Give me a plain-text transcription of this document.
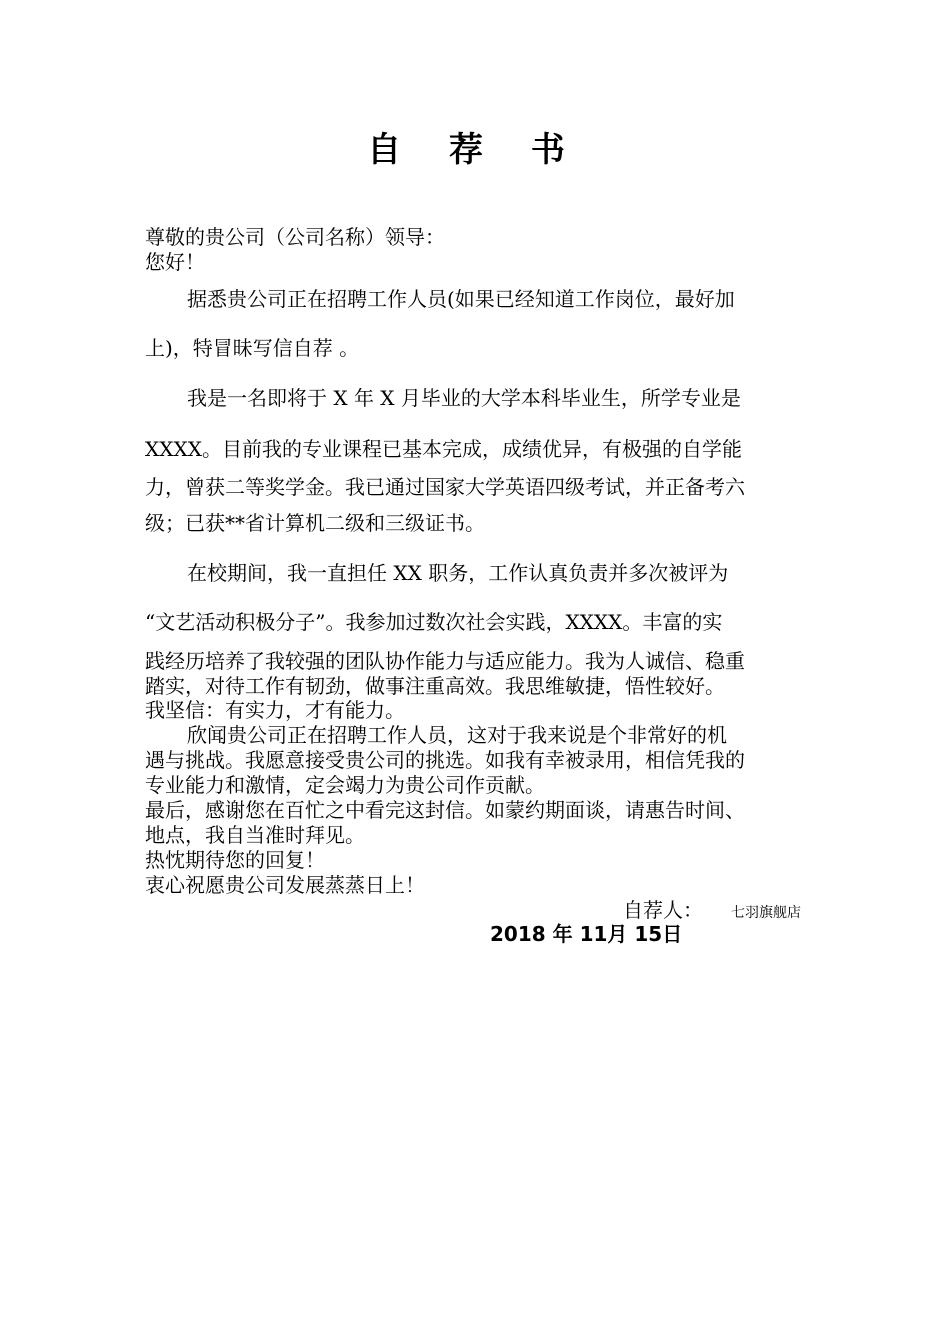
自 荐 书
尊敬的贵公司（公司名称）领导：
您好！
据悉贵公司正在招聘工作人员(如果已经知道工作岗位，最好加
上)，特冒昧写信自荐 。
我是一名即将于 X 年 X 月毕业的大学本科毕业生，所学专业是
XXXX。目前我的专业课程已基本完成，成绩优异，有极强的自学能
力，曾获二等奖学金。我已通过国家大学英语四级考试，并正备考六
级；已获**省计算机二级和三级证书。
在校期间，我一直担任 XX 职务，工作认真负责并多次被评为
“文艺活动积极分子”。我参加过数次社会实践，XXXX。丰富的实
践经历培养了我较强的团队协作能力与适应能力。我为人诚信、稳重
踏实，对待工作有韧劲，做事注重高效。我思维敏捷，悟性较好。
我坚信：有实力，才有能力。
欣闻贵公司正在招聘工作人员，这对于我来说是个非常好的机
遇与挑战。我愿意接受贵公司的挑选。如我有幸被录用，相信凭我的
专业能力和激情，定会竭力为贵公司作贡献。
最后，感谢您在百忙之中看完这封信。如蒙约期面谈，请惠告时间、
地点，我自当准时拜见。
热忱期待您的回复！
衷心祝愿贵公司发展蒸蒸日上！
自荐人： 七羽旗舰店
2018 年 11月 15日
